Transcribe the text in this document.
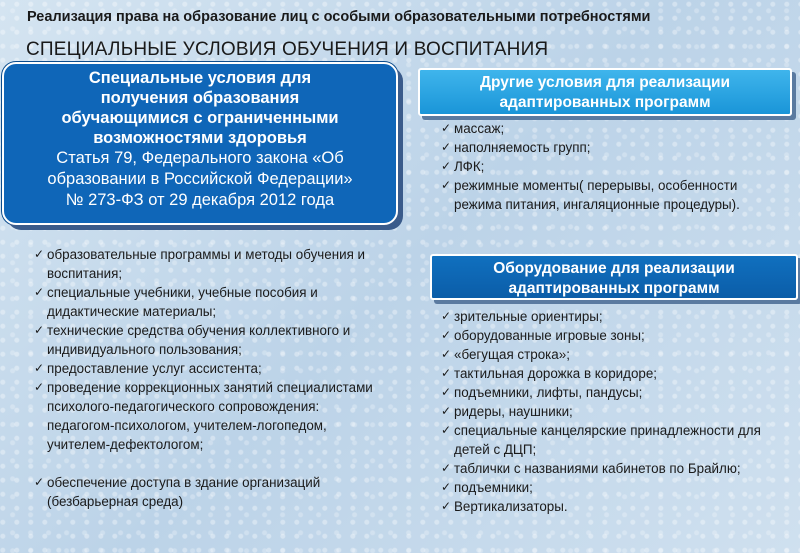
Реализация права на образование лиц с особыми образовательными потребностями
СПЕЦИАЛЬНЫЕ УСЛОВИЯ ОБУЧЕНИЯ И ВОСПИТАНИЯ
Специальные условия для
получения образования
обучающимися с ограниченными
возможностями здоровья
Статья 79, Федерального закона «Об
образовании в Российской Федерации»
№ 273-ФЗ от 29 декабря 2012 года
✓ образовательные программы и методы обучения и воспитания;
✓ специальные учебники, учебные пособия и дидактические материалы;
✓ технические средства обучения коллективного и индивидуального пользования;
✓ предоставление услуг ассистента;
✓ проведение коррекционных занятий специалистами психолого-педагогического сопровождения: педагогом-психологом, учителем-логопедом,           учителем-дефектологом;
✓ обеспечение доступа в здание организаций (безбарьерная среда)
Другие условия для реализации
адаптированных программ
✓ массаж;
✓ наполняемость групп;
✓ ЛФК;
✓ режимные моменты( перерывы, особенности режима питания, ингаляционные процедуры).
Оборудование для реализации
адаптированных программ
✓ зрительные ориентиры;
✓ оборудованные игровые зоны;
✓ «бегущая строка»;
✓ тактильная дорожка в коридоре;
✓ подъемники, лифты, пандусы;
✓ ридеры, наушники;
✓ специальные канцелярские принадлежности для детей с ДЦП;
✓ таблички с названиями кабинетов по Брайлю;
✓ подъемники;
✓ Вертикализаторы.
